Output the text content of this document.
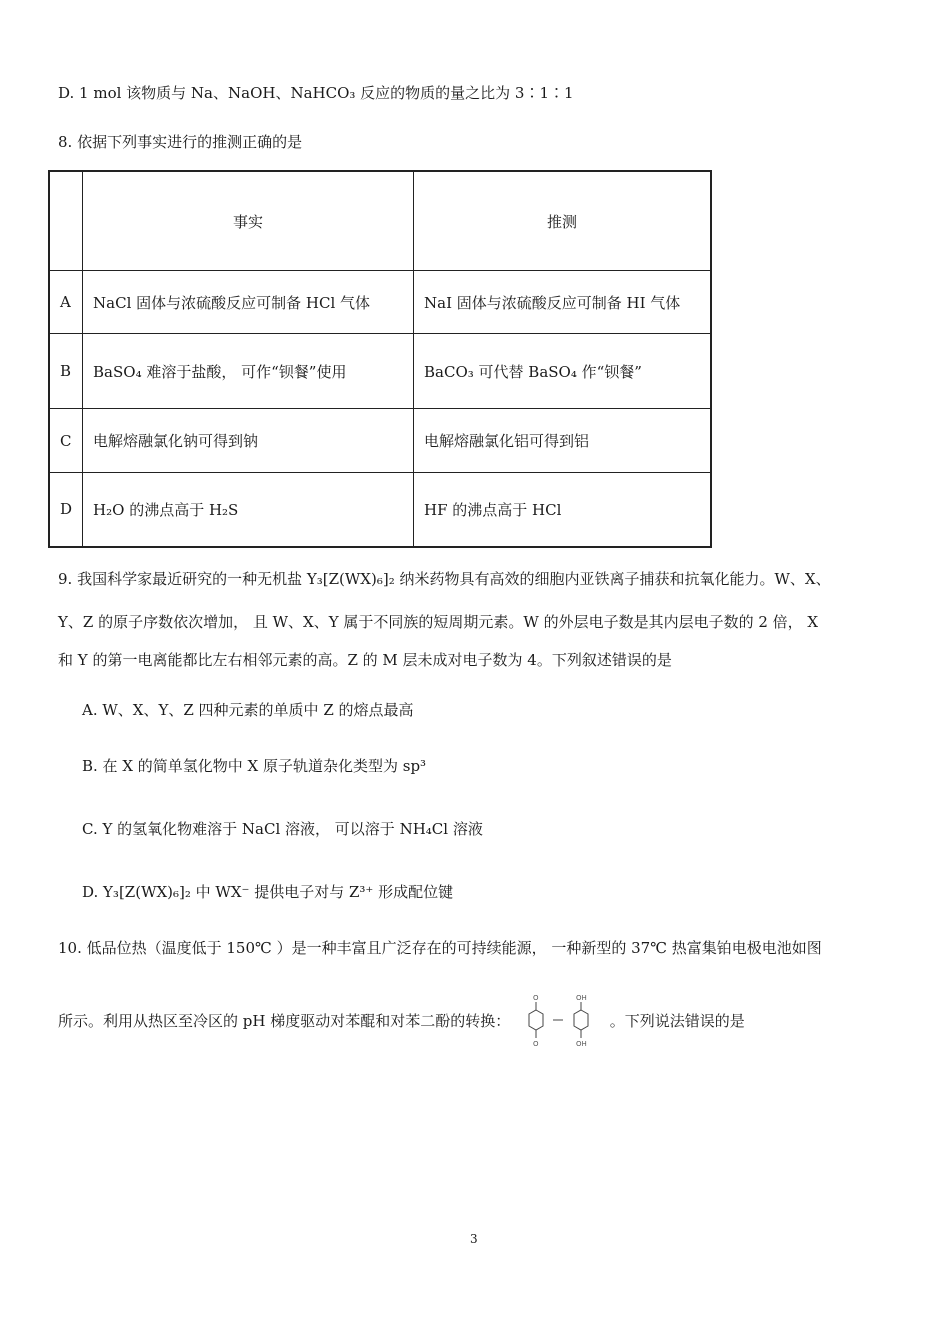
D. 1 mol 该物质与 Na、NaOH、NaHCO₃ 反应的物质的量之比为 3∶1∶1
8. 依据下列事实进行的推测正确的是
	事实	推测
A	NaCl 固体与浓硫酸反应可制备 HCl 气体	NaI 固体与浓硫酸反应可制备 HI 气体
B	BaSO₄ 难溶于盐酸， 可作“钡餐”使用	BaCO₃ 可代替 BaSO₄ 作“钡餐”
C	电解熔融氯化钠可得到钠	电解熔融氯化铝可得到铝
D	H₂O 的沸点高于 H₂S	HF 的沸点高于 HCl
9. 我国科学家最近研究的一种无机盐 Y₃[Z(WX)₆]₂ 纳米药物具有高效的细胞内亚铁离子捕获和抗氧化能力。W、X、
Y、Z 的原子序数依次增加， 且 W、X、Y 属于不同族的短周期元素。W 的外层电子数是其内层电子数的 2 倍， X
和 Y 的第一电离能都比左右相邻元素的高。Z 的 M 层未成对电子数为 4。下列叙述错误的是
A. W、X、Y、Z 四种元素的单质中 Z 的熔点最高
B. 在 X 的简单氢化物中 X 原子轨道杂化类型为 sp³
C. Y 的氢氧化物难溶于 NaCl 溶液， 可以溶于 NH₄Cl 溶液
D. Y₃[Z(WX)₆]₂ 中 WX⁻ 提供电子对与 Z³⁺ 形成配位键
10. 低品位热（温度低于 150℃ ）是一种丰富且广泛存在的可持续能源， 一种新型的 37℃ 热富集铂电极电池如图
所示。利用从热区至冷区的 pH 梯度驱动对苯醌和对苯二酚的转换：
O
O
OH
OH
。下列说法错误的是
3
